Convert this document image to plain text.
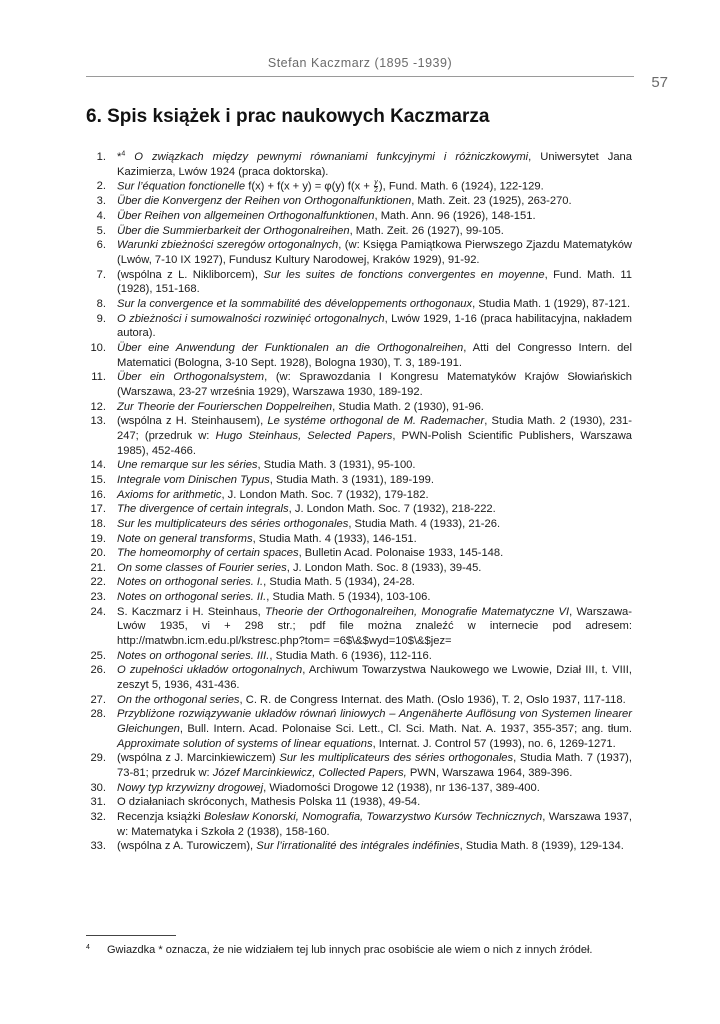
Stefan Kaczmarz (1895 -1939)
57
6. Spis książek i prac naukowych Kaczmarza
1. *$^4$ O związkach między pewnymi równaniami funkcyjnymi i różniczkowymi, Uniwersytet Jana Kazimierza, Lwów 1924 (praca doktorska).
2. Sur l’équation fonctionelle f(x) + f(x + y) = φ(y) $f(x + \frac{y}{2}$ ), Fund. Math. 6 (1924), 122-129.
3. Über die Konvergenz der Reihen von Orthogonalfunktionen, Math. Zeit. 23 (1925), 263-270.
4. Über Reihen von allgemeinen Orthogonalfunktionen, Math. Ann. 96 (1926), 148-151.
5. Über die Summierbarkeit der Orthogonalreihen, Math. Zeit. 26 (1927), 99-105.
6. Warunki zbieżności szeregów ortogonalnych, (w: Księga Pamiątkowa Pierwszego Zjazdu Matematyków (Lwów, 7-10 IX 1927), Fundusz Kultury Narodowej, Kraków 1929), 91-92.
7. (wspólna z L. Nikliborcem), Sur les suites de fonctions convergentes en moyenne, Fund. Math. 11 (1928), 151-168.
8. Sur la convergence et la sommabilité des développements orthogonaux, Studia Math. 1 (1929), 87-121.
9. O zbieżności i sumowalności rozwinięć ortogonalnych, Lwów 1929, 1-16 (praca habilitacyjna, nakładem autora).
10. Über eine Anwendung der Funktionalen an die Orthogonalreihen, Atti del Congresso Intern. del Matematici (Bologna, 3-10 Sept. 1928), Bologna 1930), T. 3, 189-191.
11. Über ein Orthogonalsystem, (w: Sprawozdania I Kongresu Matematyków Krajów Słowiańskich (Warszawa, 23-27 września 1929), Warszawa 1930, 189-192.
12. Zur Theorie der Fourierschen Doppelreihen, Studia Math. 2 (1930), 91-96.
13. (wspólna z H. Steinhausem), Le systéme orthogonal de M. Rademacher, Studia Math. 2 (1930), 231-247; (przedruk w: Hugo Steinhaus, Selected Papers, PWN-Polish Scientific Publishers, Warszawa 1985), 452-466.
14. Une remarque sur les séries, Studia Math. 3 (1931), 95-100.
15. Integrale vom Dinischen Typus, Studia Math. 3 (1931), 189-199.
16. Axioms for arithmetic, J. London Math. Soc. 7 (1932), 179-182.
17. The divergence of certain integrals, J. London Math. Soc. 7 (1932), 218-222.
18. Sur les multiplicateurs des séries orthogonales, Studia Math. 4 (1933), 21-26.
19. Note on general transforms, Studia Math. 4 (1933), 146-151.
20. The homeomorphy of certain spaces, Bulletin Acad. Polonaise 1933, 145-148.
21. On some classes of Fourier series, J. London Math. Soc. 8 (1933), 39-45.
22. Notes on orthogonal series. I., Studia Math. 5 (1934), 24-28.
23. Notes on orthogonal series. II., Studia Math. 5 (1934), 103-106.
24. S. Kaczmarz i H. Steinhaus, Theorie der Orthogonalreihen, Monografie Matematyczne VI, Warszawa-Lwów 1935, vi + 298 str.; pdf file można znaleźć w internecie pod adresem: http://matwbn.icm.edu.pl/kstresc.php?tom= =6$\&$wyd=10$\&$jez=
25. Notes on orthogonal series. III., Studia Math. 6 (1936), 112-116.
26. O zupełności układów ortogonalnych, Archiwum Towarzystwa Naukowego we Lwowie, Dział III, t. VIII, zeszyt 5, 1936, 431-436.
27. On the orthogonal series, C. R. de Congress Internat. des Math. (Oslo 1936), T. 2, Oslo 1937, 117-118.
28. Przybliżone rozwiązywanie układów równań liniowych – Angenäherte Auflösung von Systemen linearer Gleichungen, Bull. Intern. Acad. Polonaise Sci. Lett., Cl. Sci. Math. Nat. A. 1937, 355-357; ang. tłum. Approximate solution of systems of linear equations, Internat. J. Control 57 (1993), no. 6, 1269-1271.
29. (wspólna z J. Marcinkiewiczem) Sur les multiplicateurs des séries orthogonales, Studia Math. 7 (1937), 73-81; przedruk w: Józef Marcinkiewicz, Collected Papers, PWN, Warszawa 1964, 389-396.
30. Nowy typ krzywizny drogowej, Wiadomości Drogowe 12 (1938), nr 136-137, 389-400.
31. O działaniach skróconych, Mathesis Polska 11 (1938), 49-54.
32. Recenzja książki Bolesław Konorski, Nomografia, Towarzystwo Kursów Technicznych, Warszawa 1937, w: Matematyka i Szkoła 2 (1938), 158-160.
33. (wspólna z A. Turowiczem), Sur l’irrationalité des intégrales indéfinies, Studia Math. 8 (1939), 129-134.
4	Gwiazdka * oznacza, że nie widziałem tej lub innych prac osobiście ale wiem o nich z innych źródeł.
